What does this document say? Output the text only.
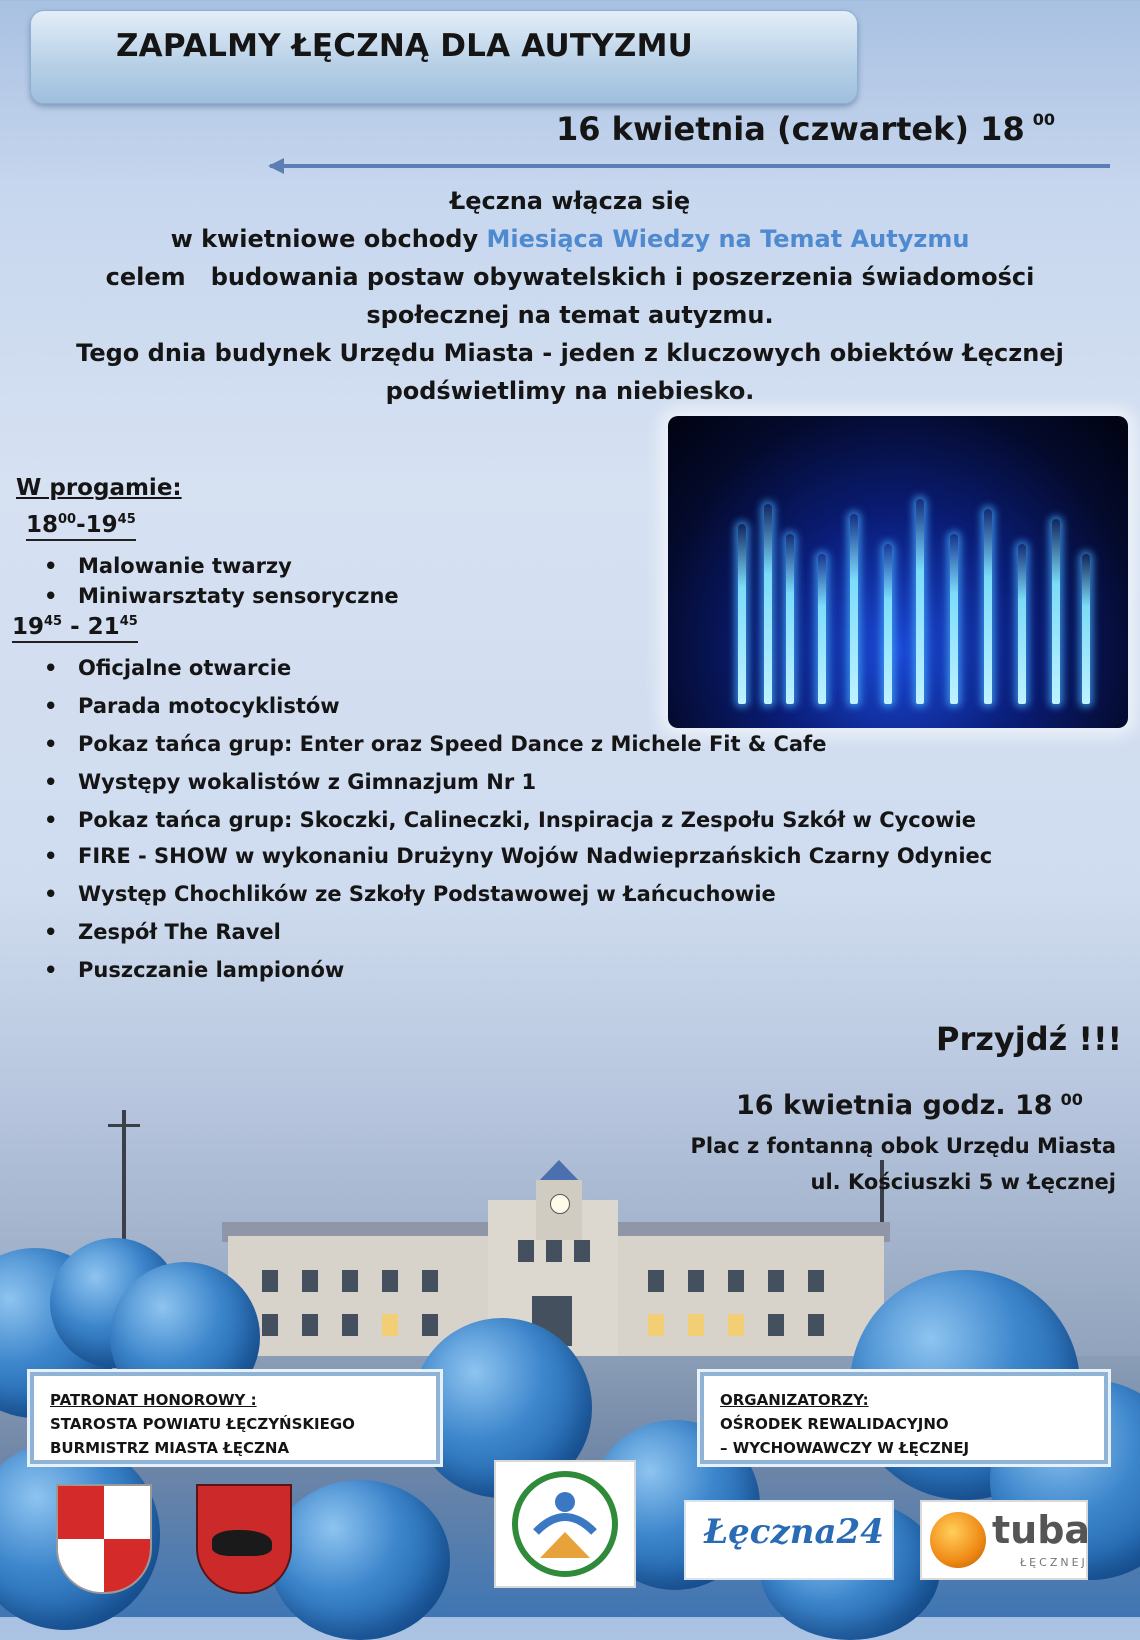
ZAPALMY ŁĘCZNĄ DLA AUTYZMU
16 kwietnia (czwartek) 18 $^{00}$
Łęczna włącza się
w kwietniowe obchody Miesiąca Wiedzy na Temat Autyzmu
celem   budowania postaw obywatelskich i poszerzenia świadomości
społecznej na temat autyzmu.
Tego dnia budynek Urzędu Miasta - jeden z kluczowych obiektów Łęcznej
podświetlimy na niebiesko.
W progamie:
$18^{00}-19^{45}$
• Malowanie twarzy
• Miniwarsztaty sensoryczne
$19^{45} - 21^{45}$
• Oficjalne otwarcie
• Parada motocyklistów
• Pokaz tańca grup: Enter oraz Speed Dance z Michele Fit & Cafe
• Występy wokalistów z Gimnazjum Nr 1
• Pokaz tańca grup: Skoczki, Calineczki, Inspiracja z Zespołu Szkół w Cycowie
• FIRE - SHOW w wykonaniu Drużyny Wojów Nadwieprzańskich Czarny Odyniec
• Występ Chochlików ze Szkoły Podstawowej w Łańcuchowie
• Zespół The Ravel
• Puszczanie lampionów
Przyjdź !!!
16 kwietnia godz. 18 $^{00}$
Plac z fontanną obok Urzędu Miasta
ul. Kościuszki 5 w Łęcznej
PATRONAT HONOROWY :
STAROSTA POWIATU ŁĘCZYŃSKIEGO
BURMISTRZ MIASTA ŁĘCZNA
ORGANIZATORZY:
OŚRODEK REWALIDACYJNO
– WYCHOWAWCZY W ŁĘCZNEJ
Łęczna24	tuba
ŁĘCZNEJ
